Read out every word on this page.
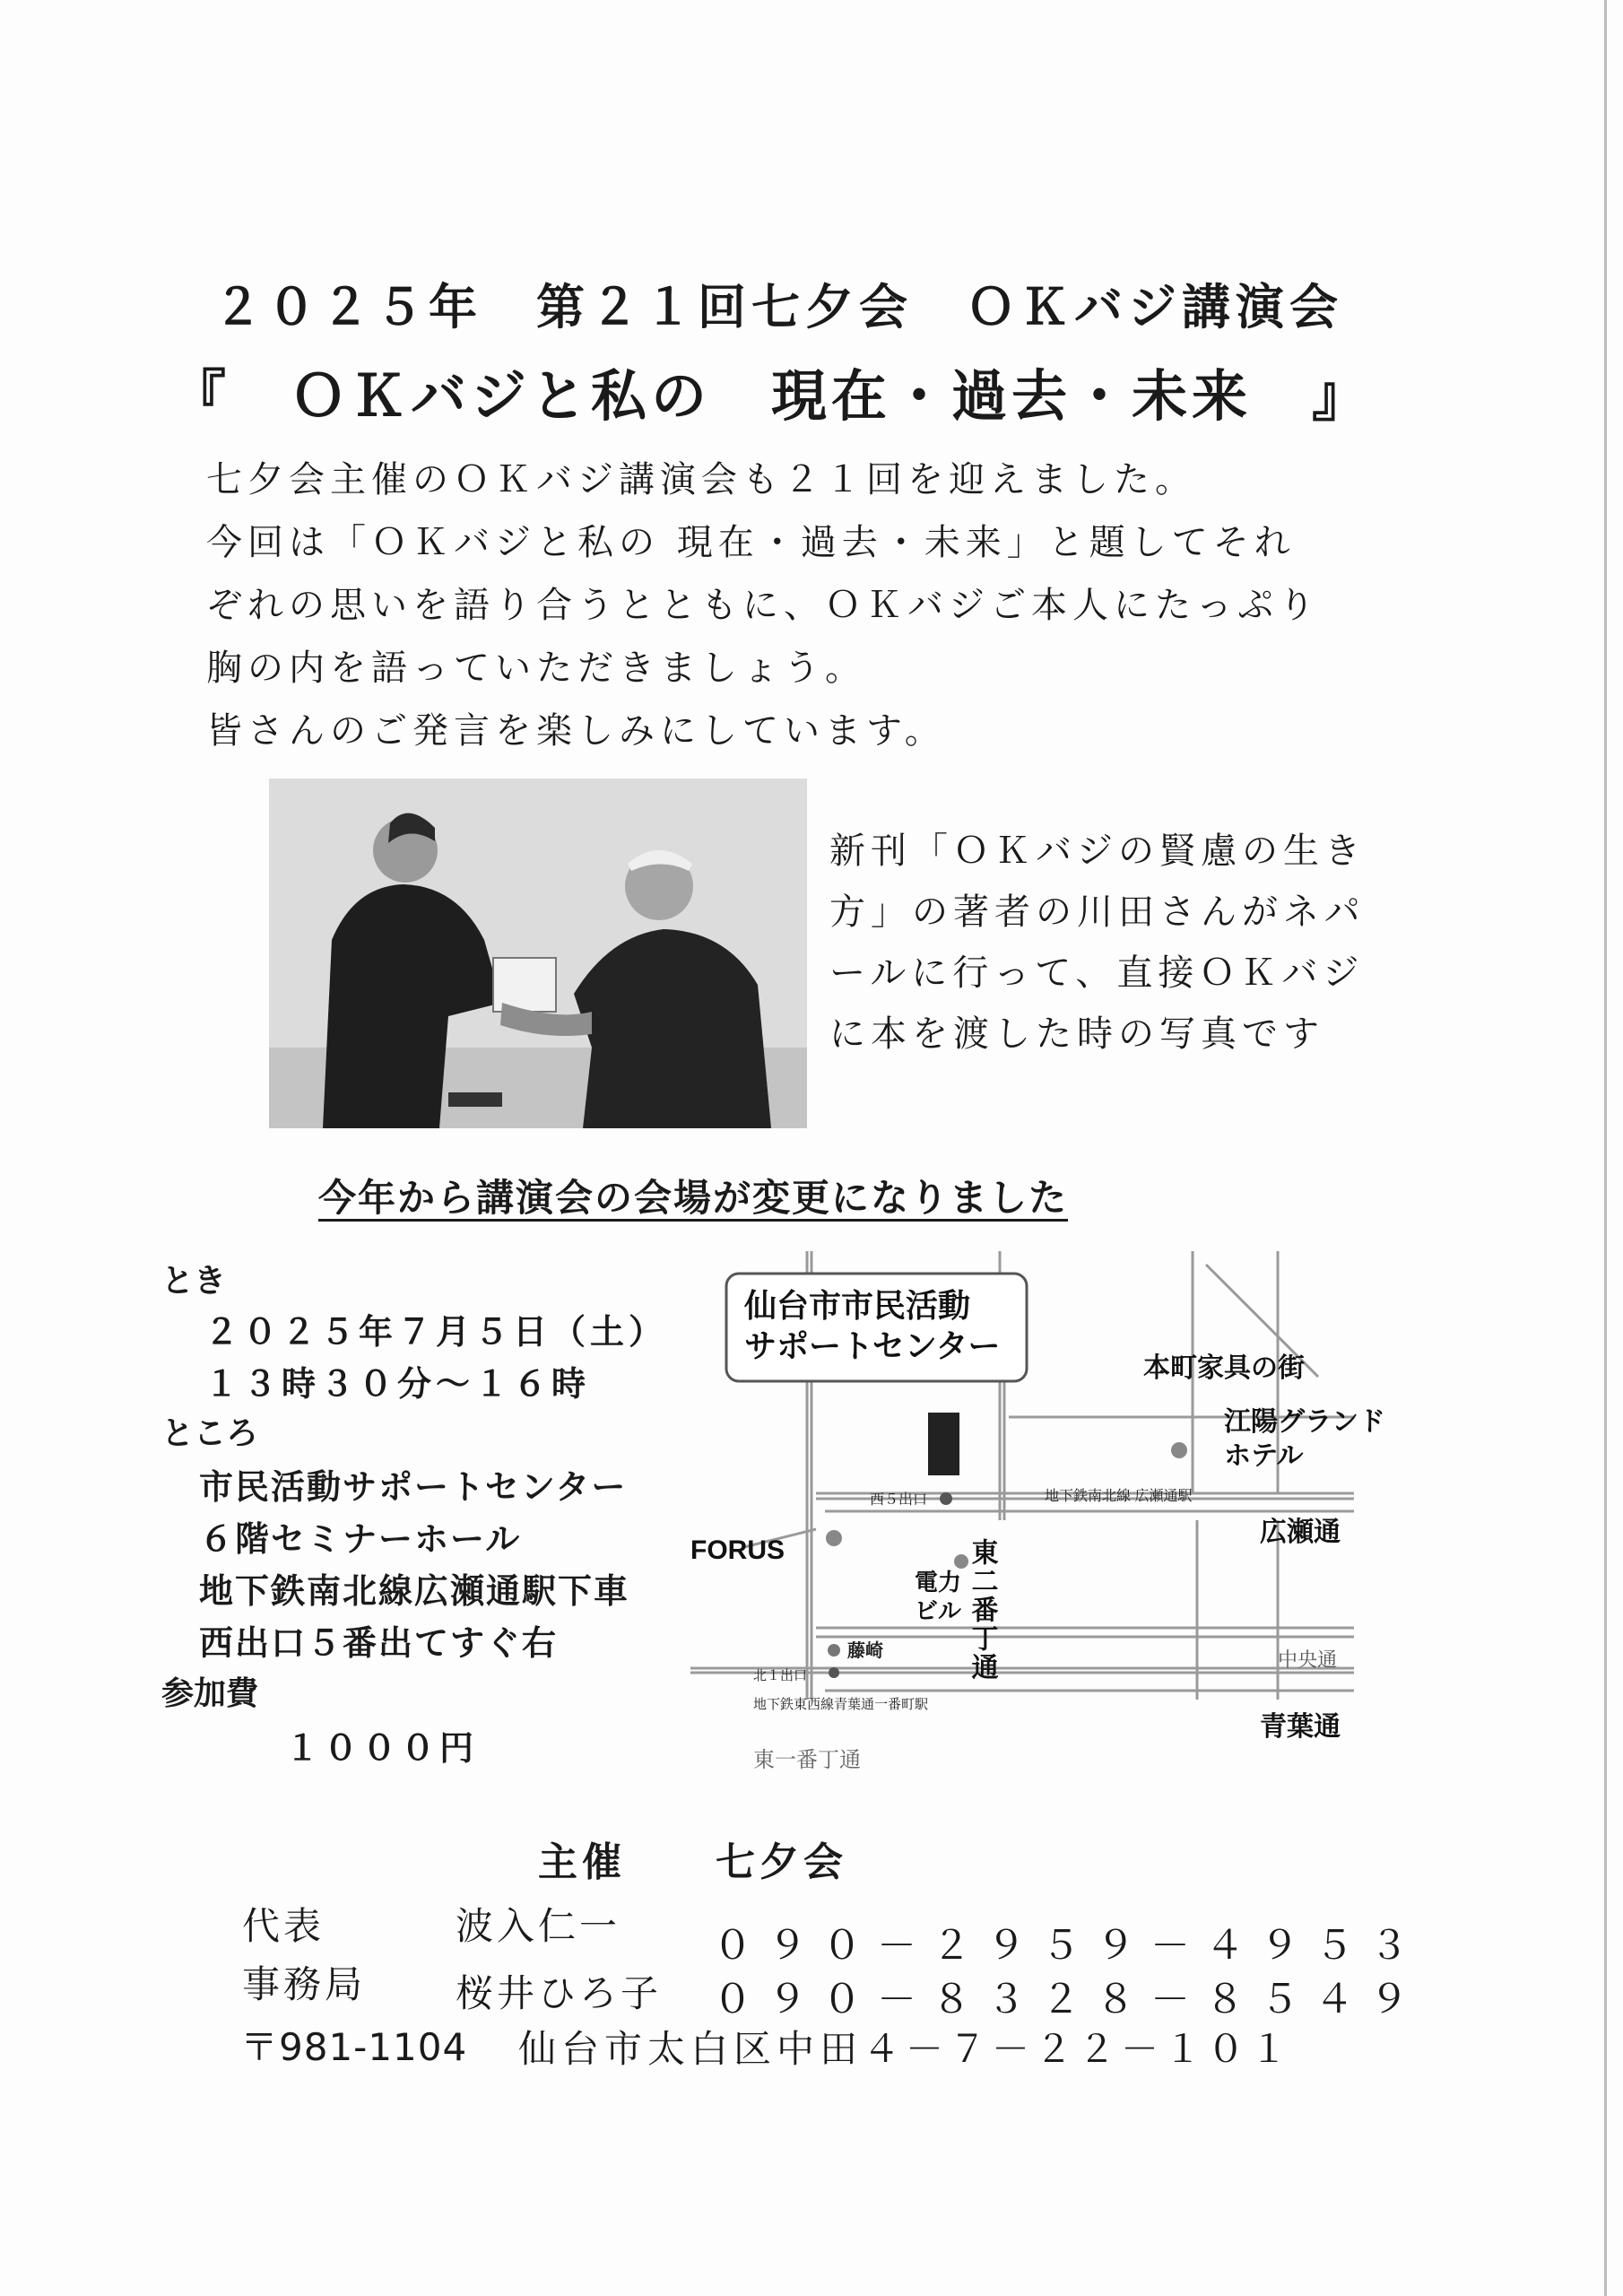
２０２５年　第２１回七夕会　ＯＫバジ講演会
『　ＯＫバジと私の　現在・過去・未来　』

七夕会主催のＯＫバジ講演会も２１回を迎えました。

今回は「ＯＫバジと私の 現在・過去・未来」と題してそれぞれの思いを語り合うとともに、ＯＫバジご本人にたっぷり胸の内を語っていただきましょう。

皆さんのご発言を楽しみにしています。

新刊「ＯＫバジの賢慮の生き
方」の著者の川田さんがネパ
ールに行って、直接ＯＫバジ
に本を渡した時の写真です
今年から講演会の会場が変更になりました
とき
２０２５年７月５日（土）
１３時３０分～１６時
ところ
市民活動サポートセンター
６階セミナーホール
地下鉄南北線広瀬通駅下車
西出口５番出てすぐ右
参加費
１０００円
仙台市市民活動
サポートセンター
本町家具の街
江陽グランド
ホテル
西５出口	地下鉄南北線 広瀬通駅
広瀬通
FORUS
電力
ビル 東二番丁通
藤崎	中央通
北１出口
地下鉄東西線青葉通一番町駅
青葉通
東一番丁通
主催 七夕会
代表	波入仁一 ０９０－２９５９－４９５３
事務局 桜井ひろ子 ０９０－８３２８－８５４９
〒981-1104 仙台市太白区中田４－７－２２－１０１
